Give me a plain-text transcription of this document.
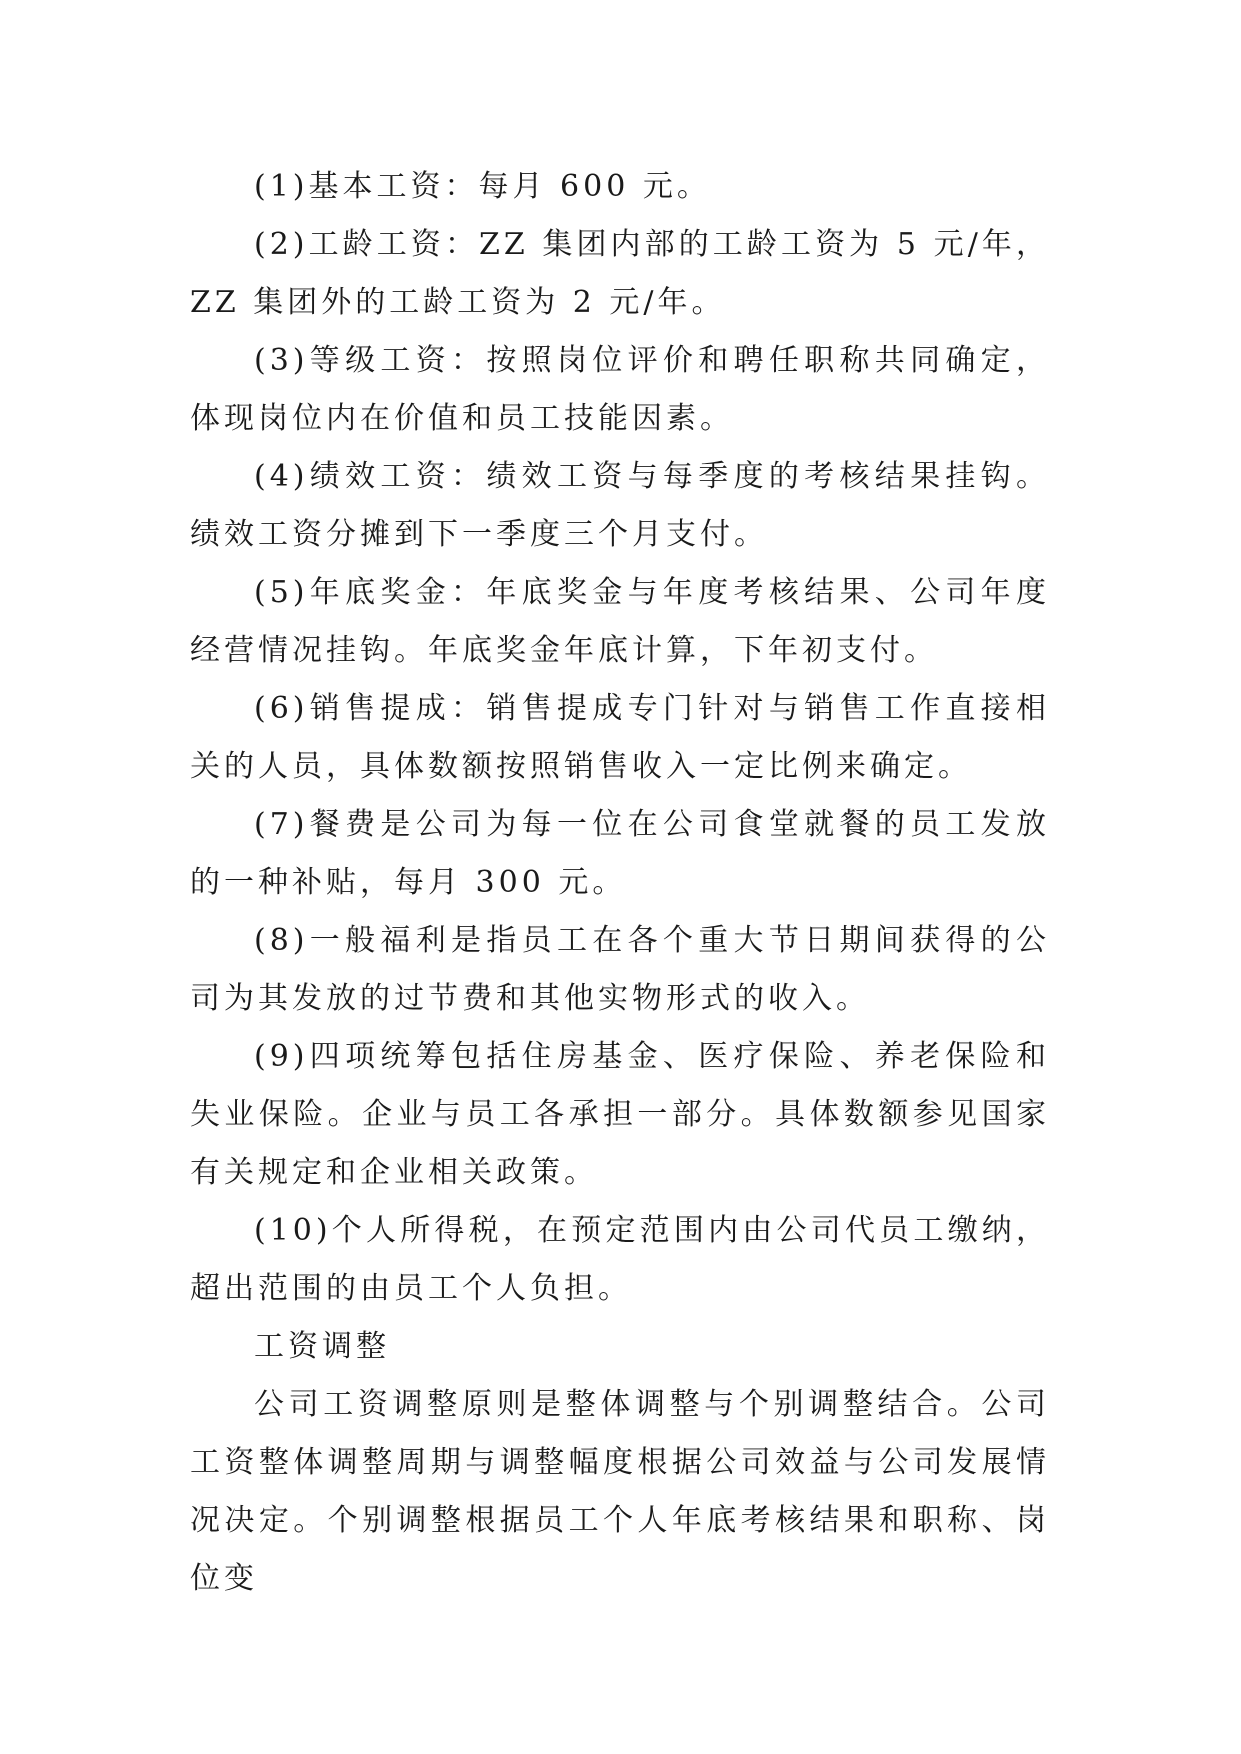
(1)基本工资：每月 600 元。

(2)工龄工资：ZZ 集团内部的工龄工资为 5 元/年，ZZ 集团外的工龄工资为 2 元/年。

(3)等级工资：按照岗位评价和聘任职称共同确定，体现岗位内在价值和员工技能因素。

(4)绩效工资：绩效工资与每季度的考核结果挂钩。绩效工资分摊到下一季度三个月支付。

(5)年底奖金：年底奖金与年度考核结果、公司年度经营情况挂钩。年底奖金年底计算，下年初支付。

(6)销售提成：销售提成专门针对与销售工作直接相关的人员，具体数额按照销售收入一定比例来确定。

(7)餐费是公司为每一位在公司食堂就餐的员工发放的一种补贴，每月 300 元。

(8)一般福利是指员工在各个重大节日期间获得的公司为其发放的过节费和其他实物形式的收入。

(9)四项统筹包括住房基金、医疗保险、养老保险和失业保险。企业与员工各承担一部分。具体数额参见国家有关规定和企业相关政策。

(10)个人所得税，在预定范围内由公司代员工缴纳，超出范围的由员工个人负担。

工资调整

公司工资调整原则是整体调整与个别调整结合。公司工资整体调整周期与调整幅度根据公司效益与公司发展情况决定。个别调整根据员工个人年底考核结果和职称、岗位变
